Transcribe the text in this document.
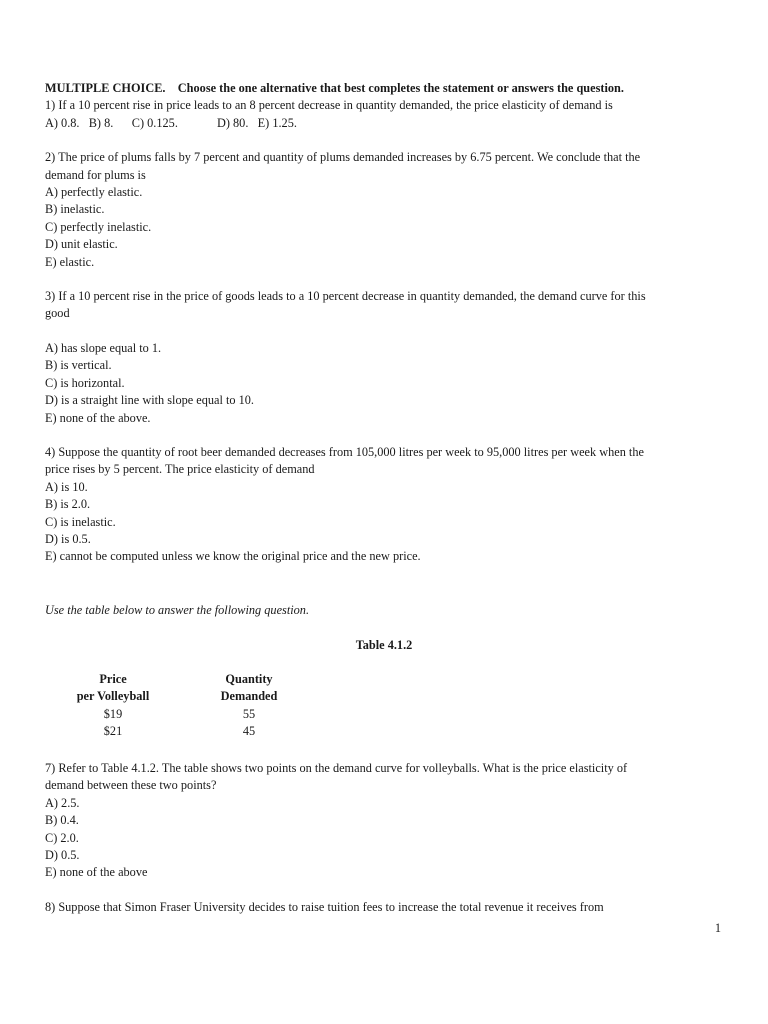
MULTIPLE CHOICE. Choose the one alternative that best completes the statement or answers the question.
1) If a 10 percent rise in price leads to an 8 percent decrease in quantity demanded, the price elasticity of demand is
A) 0.8. B) 8. C) 0.125.	D) 80. E) 1.25.
2) The price of plums falls by 7 percent and quantity of plums demanded increases by 6.75 percent. We conclude that the
demand for plums is
A) perfectly elastic.
B) inelastic.
C) perfectly inelastic.
D) unit elastic.
E) elastic.
3) If a 10 percent rise in the price of goods leads to a 10 percent decrease in quantity demanded, the demand curve for this
good
A) has slope equal to 1.
B) is vertical.
C) is horizontal.
D) is a straight line with slope equal to 10.
E) none of the above.
4) Suppose the quantity of root beer demanded decreases from 105,000 litres per week to 95,000 litres per week when the
price rises by 5 percent. The price elasticity of demand
A) is 10.
B) is 2.0.
C) is inelastic.
D) is 0.5.
E) cannot be computed unless we know the original price and the new price.
Use the table below to answer the following question.
Table 4.1.2
Price
per Volleyball
Quantity
Demanded
$19
$21
55
45
7) Refer to Table 4.1.2. The table shows two points on the demand curve for volleyballs. What is the price elasticity of
demand between these two points?
A) 2.5.
B) 0.4.
C) 2.0.
D) 0.5.
E) none of the above
8) Suppose that Simon Fraser University decides to raise tuition fees to increase the total revenue it receives from
1
